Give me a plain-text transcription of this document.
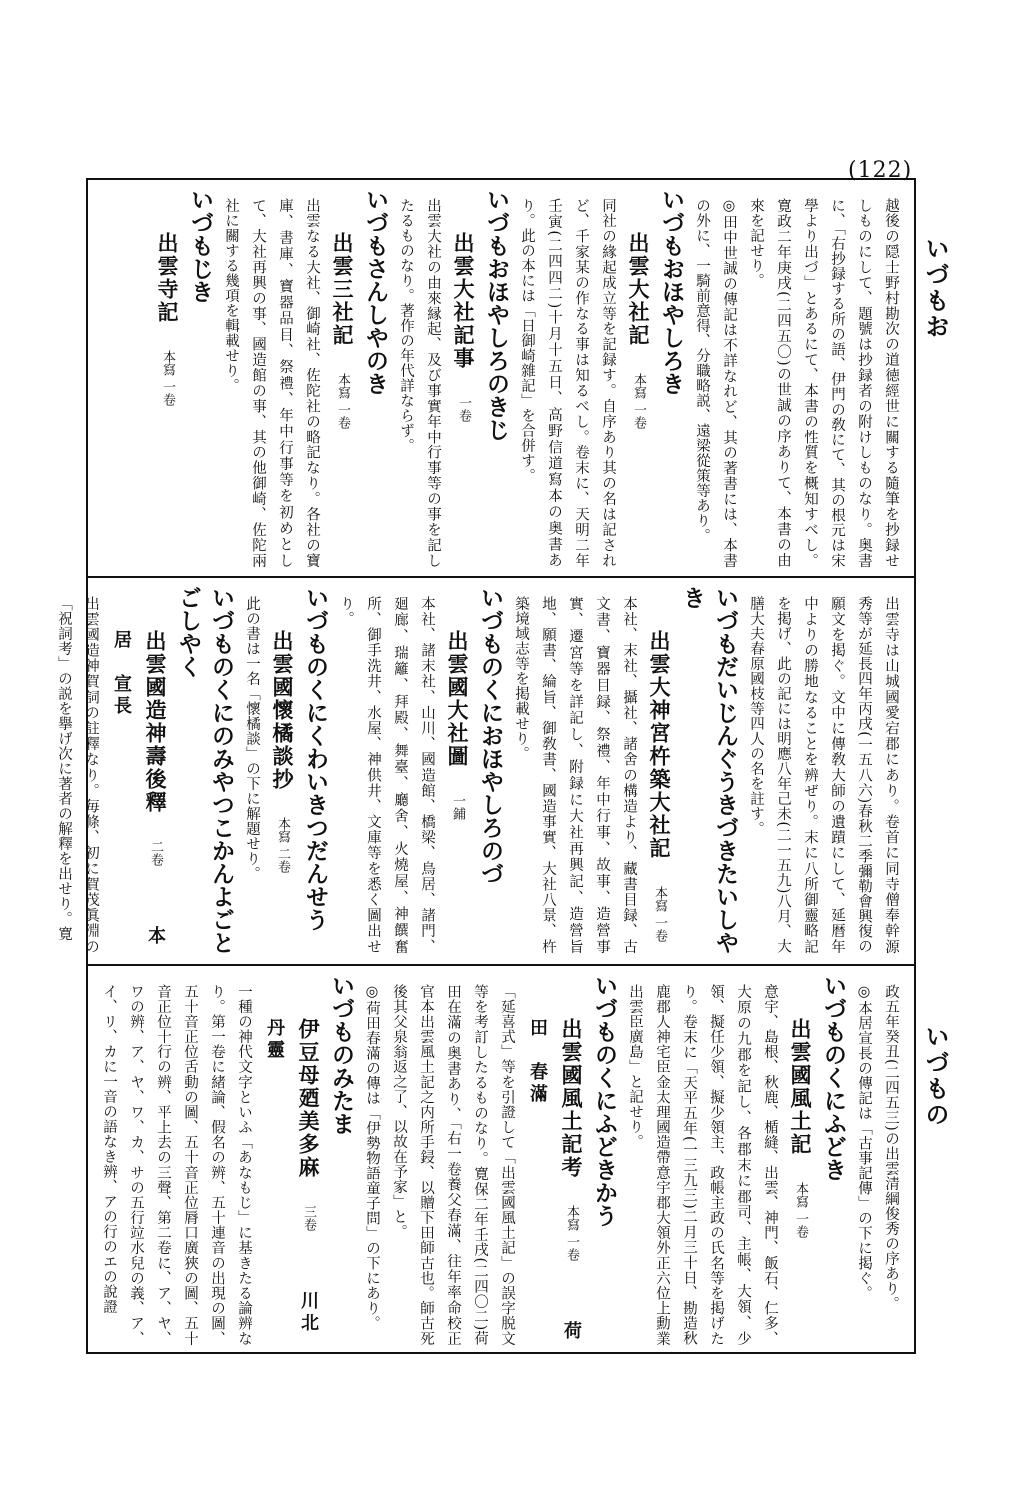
(122)
いづもお
いづもの

越後の隠士野村勘次の道徳經世に關する隨筆を抄録せしものにして、題號は抄録者の附けしものなり。奥書に、「右抄録する所の語、伊門の敎にて、其の根元は宋學より出づ」とあるにて、本書の性質を概知すべし。寛政二年庚戌(二四五〇)の世誠の序ありて、本書の由來を記せり。

◎田中世誠の傳記は不詳なれど、其の著書には、本書の外に、一騎前意得、分職略説、遠梁從策等あり。

いづもおほやしろき
出雲大社記本寫 一卷

同社の緣起成立等を記録す。自序あり其の名は記されど、千家某の作なる事は知るべし。卷末に、天明二年壬寅(二四四二)十月十五日、高野信道寫本の奥書あり。此の本には「日御崎雜記」を合併す。

いづもおほやしろのきじ
出雲大社記事一卷

出雲大社の由來縁起、及び事實年中行事等の事を記したるものなり。著作の年代詳ならず。

いづもさんしやのき
出雲三社記本寫 一卷

出雲なる大社、御崎社、佐陀社の略記なり。各社の寶庫、書庫、寶器品目、祭禮、年中行事等を初めとして、大社再興の事、國造館の事、其の他御崎、佐陀兩社に關する幾項を輯載せり。

いづもじき
出雲寺記本寫 一卷

出雲寺は山城國愛宕郡にあり。卷首に同寺僧奉幹源秀等が延長四年丙戌(一五八六)春秋二季彌勒會興復の願文を掲ぐ。文中に傳敎大師の遺蹟にして、延暦年中よりの勝地なることを辨ぜり。末に八所御靈略記を掲げ、此の記には明應八年己未(二一五九)八月、大膳大夫春原國枝等四人の名を註す。

いづもだいじんぐうきづきたいしやき
出雲大神宮杵築大社記本寫 一卷

本社、末社、攝社、諸舍の構造より、藏書目録、古文書、寶器目録、祭禮、年中行事、故事、造營事實、遷宮等を詳記し、附録に大社再興記、造營旨地、願書、綸旨、御敎書、國造事實、大社八景、杵築境域志等を掲載せり。

いづものくにおほやしろのづ
出雲國大社圖一鋪

本社、諸末社、山川、國造館、橋梁、鳥居、諸門、廻廊、瑞籬、拜殿、舞臺、廳舍、火燒屋、神饌奮所、御手洗井、水屋、神供井、文庫等を悉く圖出せり。

いづものくにくわいきつだんせう
出雲國懷橘談抄本寫 二卷

此の書は一名「懷橘談」の下に解題せり。

いづものくにのみやつこかんよごとごしやく
出雲國造神壽後釋二卷本居　宣長

出雲國造神賀詞の註釋なり。毎條、初に賀茂眞淵の「祝詞考」の説を擧げ次に著者の解釋を出せり。寛

政五年癸丑(二四五三)の出雲清綱俊秀の序あり。

◎本居宣長の傳記は「古事記傳」の下に掲ぐ。

いづものくにふどき
出雲國風土記本寫 一卷

意宇、島根、秋鹿、楯縫、出雲、神門、飯石、仁多、大原の九郡を記し、各郡末に郡司、主帳、大領、少領、擬任少領、擬少領主、政帳主政の氏名等を掲げたり。卷末に「天平五年(一三九三)二月三十日、勘造秋鹿郡人神宅臣金太理國造帶意宇郡大領外正六位上勳業出雲臣廣島」と記せり。

いづものくにふどきかう
出雲國風土記考本寫 一卷荷田　春滿

「延喜式」等を引證して「出雲國風土記」の誤字脱文等を考訂したるものなり。寛保二年壬戌(二四〇二)荷田在滿の奥書あり、「右一卷養父春滿、往年率命校正官本出雲風土記之内所手鋟、以贈下田師古也。師古死後其父泉翁返之了、以故在予家」と。

◎荷田春滿の傳は「伊勢物語童子問」の下にあり。

いづものみたま
伊豆母廼美多麻三卷川北　丹靈

一種の神代文字といふ「あなもじ」に基きたる論辨なり。第一卷に緒論、假名の辨、五十連音の出現の圖、五十音正位舌動の圖、五十音正位脣口廣狹の圖、五十音正位十行の辨、平上去の三聲、第二卷に、ア、ヤ、ワの辨、ア、ヤ、ワ、カ、サの五行竝水兒の義、ア、イ、リ、カに一音の語なき辨、アの行のエの說證
